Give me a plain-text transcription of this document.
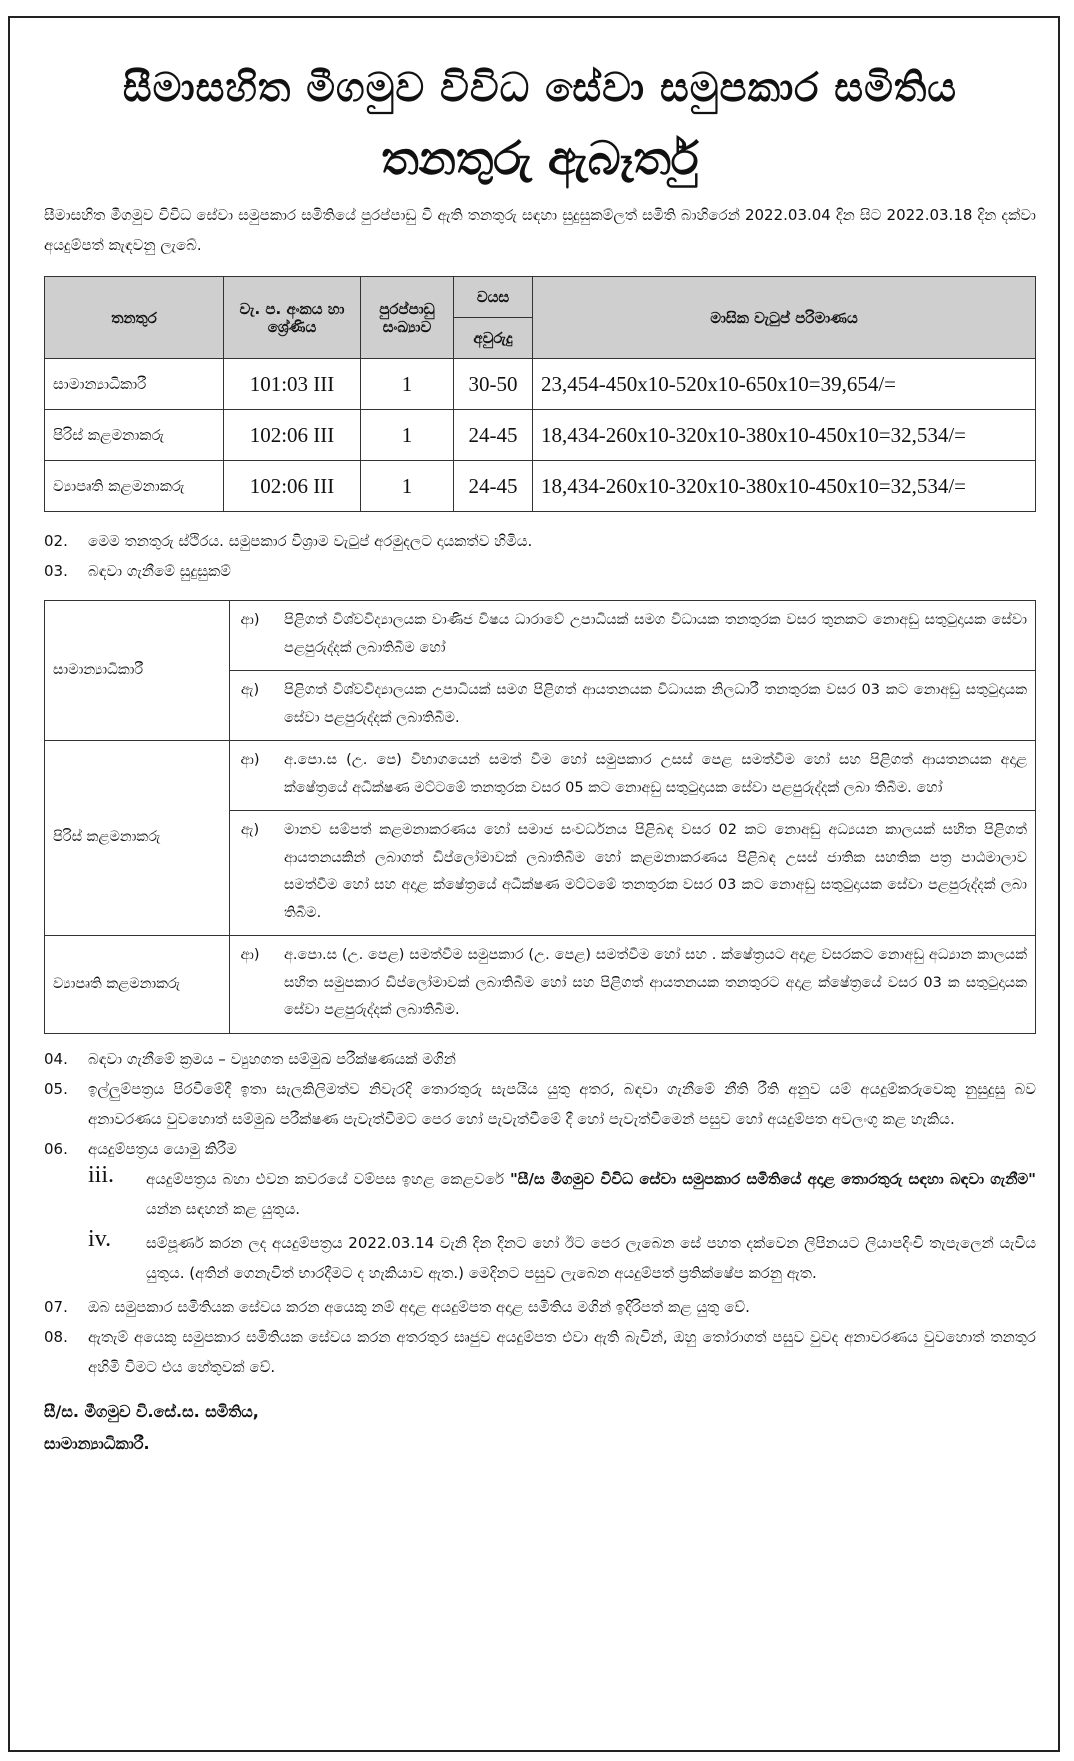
සීමාසහිත මීගමුව විවිධ සේවා සමුපකාර සමිතිය
තනතුරු ඇබෑර්තු
සීමාසහිත මීගමුව විවිධ සේවා සමුපකාර සමිතියේ පුරප්පාඩු වී ඇති තනතුරු සඳහා සුදුසුකම්ලත් සමිති බාහිරෙන් 2022.03.04 දින සිට 2022.03.18 දින දක්වා අයදුම්පත් කැඳවනු ලැබේ.
තනතුර	වැ. ප. අංකය හා ශ්‍රේණිය	පුරප්පාඩු සංඛ්‍යාව	වයස	මාසික වැටුප් පරිමාණය
			අවුරුදු	
සාමාන්‍යාධිකාරී	101:03 III	1	30-50	23,454-450x10-520x10-650x10=39,654/=
පිරිස් කළමනාකරු	102:06 III	1	24-45	18,434-260x10-320x10-380x10-450x10=32,534/=
ව්‍යාපෘති කළමනාකරු	102:06 III	1	24-45	18,434-260x10-320x10-380x10-450x10=32,534/=
02. මෙම තනතුරු ස්ථිරය. සමුපකාර විශ්‍රාම වැටුප් අරමුදලට දායකත්ව හිමිය.
03. බඳවා ගැනීමේ සුදුසුකම්
සාමාන්‍යාධිකාරී	ආ)	පිළිගත් විශ්වවිද්‍යාලයක වාණිජ විෂය ධාරාවේ උපාධියක් සමග විධායක තනතුරක වසර තුනකට නොඅඩු සතුටුදායක සේවා පළපුරුද්දක් ලබාතිබීම හෝ
	ඇ)	පිළිගත් විශ්වවිද්‍යාලයක උපාධියක් සමග පිළිගත් ආයතනයක විධායක නිලධාරී තනතුරක වසර 03 කට නොඅඩු සතුටුදායක සේවා පළපුරුද්දක් ලබාතිබීම.
පිරිස් කළමනාකරු	ආ)	අ.පො.ස (උ. පෙ) විභාගයෙන් සමත් වීම හෝ සමුපකාර උසස් පෙළ සමත්වීම හෝ සහ පිළිගත් ආයතනයක අදාළ ක්ෂේත්‍රයේ අධීක්ෂණ මට්ටමේ තනතුරක වසර 05 කට නොඅඩු සතුටුදායක සේවා පළපුරුද්දක් ලබා තිබීම. හෝ
	ඇ)	මානව සම්පත් කළමනාකරණය හෝ සමාජ සංවර්ධනය පිළිබඳ වසර 02 කට නොඅඩු අධ්‍යයන කාලයක් සහිත පිළිගත් ආයතනයකින් ලබාගත් ඩිප්ලෝමාවක් ලබාතිබීම හෝ කළමනාකරණය පිළිබඳ උසස් ජාතික සහතික පත්‍ර පාඨමාලාව සමත්වීම හෝ සහ අදාළ ක්ෂේත්‍රයේ අධීක්ෂණ මට්ටමේ තනතුරක වසර 03 කට නොඅඩු සතුටුදායක සේවා පළපුරුද්දක් ලබා තිබීම.
ව්‍යාපෘති කළමනාකරු	ආ)	අ.පො.ස (උ. පෙළ) සමත්වීම සමුපකාර (උ. පෙළ) සමත්වීම හෝ සහ . ක්ෂේත්‍රයට අදාළ වසරකට නොඅඩු අධ්‍යාන කාලයක් සහිත සමුපකාර ඩිප්ලෝමාවක් ලබාතිබීම හෝ සහ පිළිගත් ආයතනයක තනතුරට අදාළ ක්ෂේත්‍රයේ වසර 03 ක සතුටුදායක සේවා පළපුරුද්දක් ලබාතිබීම.
04. බඳවා ගැනීමේ ක්‍රමය – ව්‍යුහගත සම්මුඛ පරීක්ෂණයක් මගින්
05. ඉල්ලුම්පත්‍රය පිරවීමේදී ඉතා සැලකිලිමත්ව නිවැරදි තොරතුරු සැපයිය යුතු අතර, බඳවා ගැනීමේ නීති රීති අනුව යම් අයදුම්කරුවෙකු නුසුදුසු බව අනාවරණය වුවහොත් සම්මුඛ පරීක්ෂණ පැවැත්වීමට පෙර හෝ පැවැත්වීමේ දී හෝ පැවැත්වීමෙන් පසුව හෝ අයදුම්පත අවලංගු කළ හැකිය.
06. අයදුම්පත්‍රය යොමු කිරීම
iii. අයදුම්පත්‍රය බහා එවන කවරයේ වම්පස ඉහළ කෙළවරේ "සී/ස මීගමුව විවිධ සේවා සමුපකාර සමිතියේ අදාළ තොරතුරු සඳහා බඳවා ගැනීම" යන්න සඳහන් කළ යුතුය.
iv. සම්පූර්ණ කරන ලද අයදුම්පත්‍රය 2022.03.14 වැනි දින දිනට හෝ ඊට පෙර ලැබෙන සේ පහත දක්වෙන ලිපිනයට ලියාපදිංචි තැපැලෙන් යැවිය යුතුය. (අතින් ගෙනැවිත් භාරදීමට ද හැකියාව ඇත.) මෙදිනට පසුව ලැබෙන අයදුම්පත් ප්‍රතික්ෂේප කරනු ඇත.
07. ඔබ සමුපකාර සමිතියක සේවය කරන අයෙකු නම් අදාළ අයදුම්පත අදාළ සමිතිය මගින් ඉදිරිපත් කළ යුතු වේ.
08. ඇතැම් අයෙකු සමුපකාර සමිතියක සේවය කරන අතරතුර සෘජුව අයදුම්පත එවා ඇති බැවින්, ඔහු තෝරාගත් පසුව වුවද අනාවරණය වුවහොත් තනතුර අහිමි වීමට එය හේතුවක් වේ.
සී/ස. මීගමුව වි.සේ.ස. සමිතිය,
සාමාන්‍යාධිකාරී.
